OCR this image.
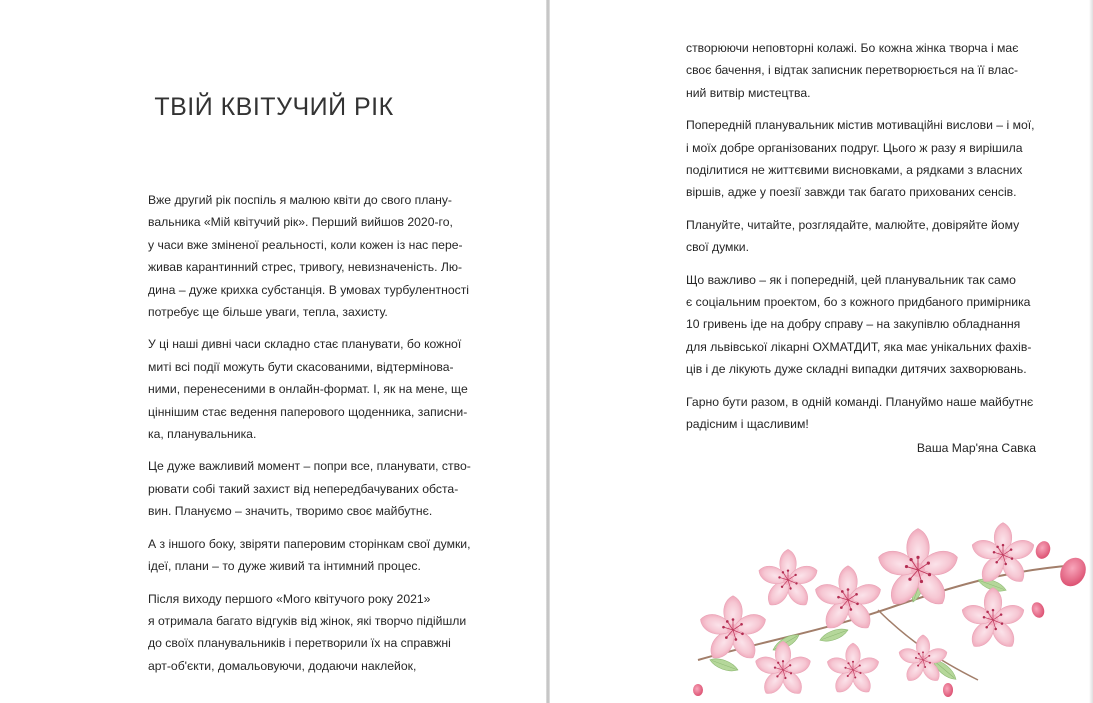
ТВІЙ КВІТУЧИЙ РІК
Вже другий рік поспіль я малюю квіти до свого плану-
вальника «Мій квітучий рік». Перший вийшов 2020-го,
у часи вже зміненої реальності, коли кожен із нас пере-
живав карантинний стрес, тривогу, невизначеність. Лю-
дина – дуже крихка субстанція. В умовах турбулентності
потребує ще більше уваги, тепла, захисту.
У ці наші дивні часи складно стає планувати, бо кожної
миті всі події можуть бути скасованими, відтермінова-
ними, перенесеними в онлайн-формат. І, як на мене, ще
ціннішим стає ведення паперового щоденника, записни-
ка, планувальника.
Це дуже важливий момент – попри все, планувати, ство-
рювати собі такий захист від непередбачуваних обста-
вин. Плануємо – значить, творимо своє майбутнє.
А з іншого боку, звіряти паперовим сторінкам свої думки,
ідеї, плани – то дуже живий та інтимний процес.
Після виходу першого «Мого квітучого року 2021»
я отримала багато відгуків від жінок, які творчо підійшли
до своїх планувальників і перетворили їх на справжні
арт-об'єкти, домальовуючи, додаючи наклейок,
створюючи неповторні колажі. Бо кожна жінка творча і має
своє бачення, і відтак записник перетворюється на її влас-
ний витвір мистецтва.
Попередній планувальник містив мотиваційні вислови – і мої,
і моїх добре організованих подруг. Цього ж разу я вирішила
поділитися не життєвими висновками, а рядками з власних
віршів, адже у поезії завжди так багато прихованих сенсів.
Плануйте, читайте, розглядайте, малюйте, довіряйте йому
свої думки.
Що важливо – як і попередній, цей планувальник так само
є соціальним проектом, бо з кожного придбаного примірника
10 гривень іде на добру справу – на закупівлю обладнання
для львівської лікарні ОХМАТДИТ, яка має унікальних фахів-
ців і де лікують дуже складні випадки дитячих захворювань.
Гарно бути разом, в одній команді. Плануймо наше майбутнє
радісним і щасливим!
Ваша Мар'яна Савка
